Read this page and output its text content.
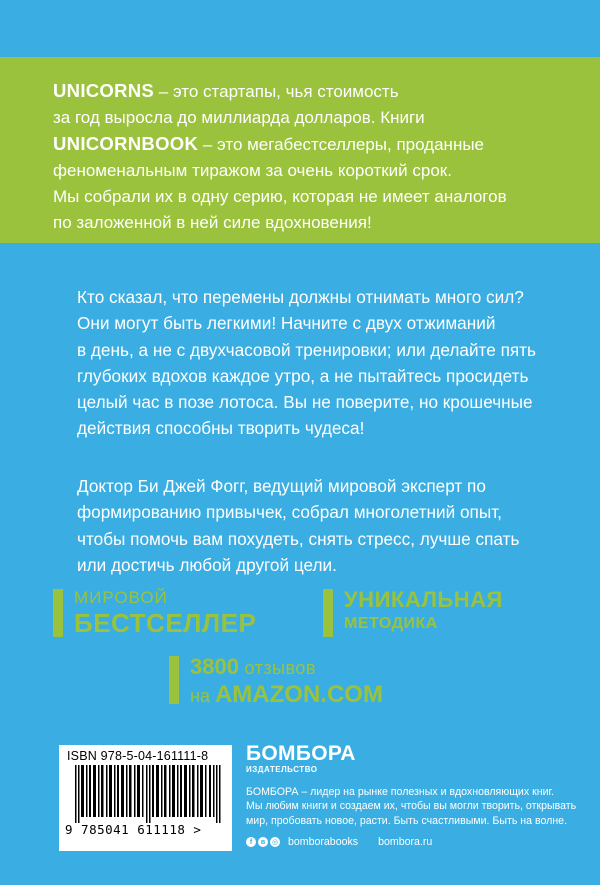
UNICORNS – это стартапы, чья стоимость
за год выросла до миллиарда долларов. Книги
UNICORNBOOK – это мегабестселлеры, проданные
феноменальным тиражом за очень короткий срок.
Мы собрали их в одну серию, которая не имеет аналогов
по заложенной в ней силе вдохновения!
Кто сказал, что перемены должны отнимать много сил?
Они могут быть легкими! Начните с двух отжиманий
в день, а не с двухчасовой тренировки; или делайте пять
глубоких вдохов каждое утро, а не пытайтесь просидеть
целый час в позе лотоса. Вы не поверите, но крошечные
действия способны творить чудеса!
Доктор Би Джей Фогг, ведущий мировой эксперт по
формированию привычек, собрал многолетний опыт,
чтобы помочь вам похудеть, снять стресс, лучше спать
или достичь любой другой цели.
МИРОВОЙ
БЕСТСЕЛЛЕР
УНИКАЛЬНАЯ
МЕТОДИКА
3800 отзывов
на AMAZON.COM
ISBN 978-5-04-161111-8
9 785041 611118 >
БОМБОРА
ИЗДАТЕЛЬСТВО
БОМБОРА – лидер на рынке полезных и вдохновляющих книг.
Мы любим книги и создаем их, чтобы вы могли творить, открывать
мир, пробовать новое, расти. Быть счастливыми. Быть на волне.
f	в ◎ bomborabooks bombora.ru
